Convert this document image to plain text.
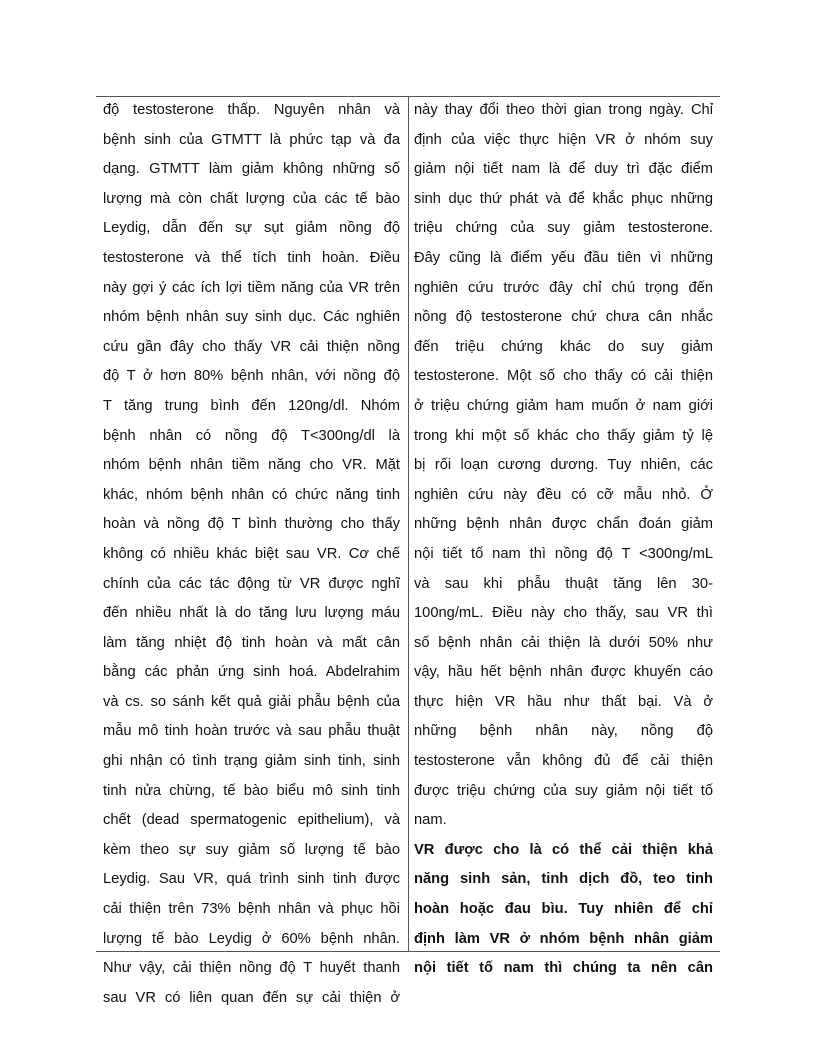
độ testosterone thấp. Nguyên nhân và
bệnh sinh của GTMTT là phức tạp và đa
dạng. GTMTT làm giảm không những số
lượng mà còn chất lượng của các tế bào
Leydig, dẫn đến sự sụt giảm nồng độ
testosterone và thể tích tinh hoàn. Điều
này gợi ý các ích lợi tiềm năng của VR trên
nhóm bệnh nhân suy sinh dục. Các nghiên
cứu gần đây cho thấy VR cải thiện nồng
độ T ở hơn 80% bệnh nhân, với nồng độ
T tăng trung bình đến 120ng/dl. Nhóm
bệnh nhân có nồng độ T<300ng/dl là
nhóm bệnh nhân tiềm năng cho VR. Mặt
khác, nhóm bệnh nhân có chức năng tinh
hoàn và nồng độ T bình thường cho thấy
không có nhiều khác biệt sau VR. Cơ chế
chính của các tác động từ VR được nghĩ
đến nhiều nhất là do tăng lưu lượng máu
làm tăng nhiệt độ tinh hoàn và mất cân
bằng các phản ứng sinh hoá. Abdelrahim
và cs. so sánh kết quả giải phẫu bệnh của
mẫu mô tinh hoàn trước và sau phẫu thuật
ghi nhận có tình trạng giảm sinh tinh, sinh
tinh nửa chừng, tế bào biểu mô sinh tinh
chết (dead spermatogenic epithelium), và
kèm theo sự suy giảm số lượng tế bào
Leydig. Sau VR, quá trình sinh tinh được
cải thiện trên 73% bệnh nhân và phục hồi
lượng tế bào Leydig ở 60% bệnh nhân.
Như vậy, cải thiện nồng độ T huyết thanh
sau VR có liên quan đến sự cải thiện ở
này thay đổi theo thời gian trong ngày. Chỉ
định của việc thực hiện VR ở nhóm suy
giảm nội tiết nam là để duy trì đặc điểm
sinh dục thứ phát và để khắc phục những
triệu chứng của suy giảm testosterone.
Đây cũng là điểm yếu đầu tiên vì những
nghiên cứu trước đây chỉ chú trọng đến
nồng độ testosterone chứ chưa cân nhắc
đến triệu chứng khác do suy giảm
testosterone. Một số cho thấy có cải thiện
ở triệu chứng giảm ham muốn ở nam giới
trong khi một số khác cho thấy giảm tỷ lệ
bị rối loạn cương dương. Tuy nhiên, các
nghiên cứu này đều có cỡ mẫu nhỏ. Ở
những bệnh nhân được chẩn đoán giảm
nội tiết tố nam thì nồng độ T <300ng/mL
và sau khi phẫu thuật tăng lên 30-
100ng/mL. Điều này cho thấy, sau VR thì
số bệnh nhân cải thiện là dưới 50% như
vậy, hầu hết bệnh nhân được khuyến cáo
thực hiện VR hầu như thất bại. Và ở
những bệnh nhân này, nồng độ
testosterone vẫn không đủ để cải thiện
được triệu chứng của suy giảm nội tiết tố
nam.
VR được cho là có thể cải thiện khả
năng sinh sản, tinh dịch đồ, teo tinh
hoàn hoặc đau bìu. Tuy nhiên để chỉ
định làm VR ở nhóm bệnh nhân giảm
nội tiết tố nam thì chúng ta nên cân
